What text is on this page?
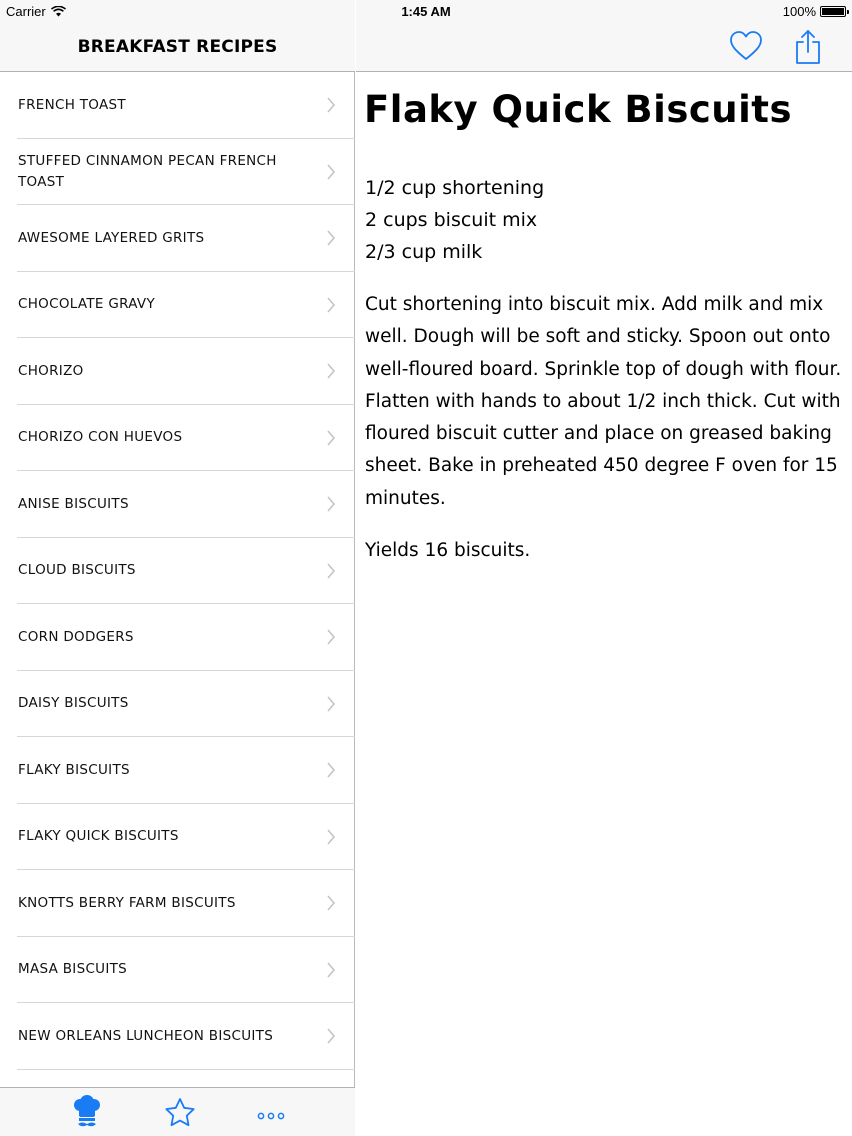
BREAKFAST RECIPES
FRENCH TOAST
STUFFED CINNAMON PECAN FRENCH TOAST
AWESOME LAYERED GRITS
CHOCOLATE GRAVY
CHORIZO
CHORIZO CON HUEVOS
ANISE BISCUITS
CLOUD BISCUITS
CORN DODGERS
DAISY BISCUITS
FLAKY BISCUITS
FLAKY QUICK BISCUITS
KNOTTS BERRY FARM BISCUITS
MASA BISCUITS
NEW ORLEANS LUNCHEON BISCUITS
Flaky Quick Biscuits
1/2 cup shortening
2 cups biscuit mix
2/3 cup milk
Cut shortening into biscuit mix. Add milk and mix well. Dough will be soft and sticky. Spoon out onto well-floured board. Sprinkle top of dough with flour. Flatten with hands to about 1/2 inch thick. Cut with floured biscuit cutter and place on greased baking sheet. Bake in preheated 450 degree F oven for 15 minutes.
Yields 16 biscuits.
Carrier	1:45 AM	100%
